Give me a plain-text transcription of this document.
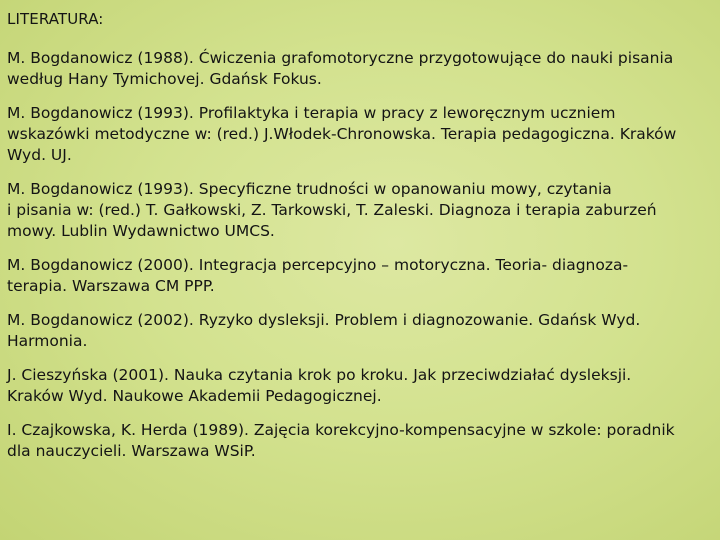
LITERATURA:
M. Bogdanowicz (1988). Ćwiczenia grafomotoryczne przygotowujące do nauki pisania
według Hany Tymichovej. Gdańsk Fokus.
M. Bogdanowicz (1993). Profilaktyka i terapia w pracy z leworęcznym uczniem
wskazówki metodyczne w: (red.) J.Włodek-Chronowska. Terapia pedagogiczna. Kraków
Wyd. UJ.
M. Bogdanowicz (1993). Specyficzne trudności w opanowaniu mowy, czytania
i pisania w: (red.) T. Gałkowski, Z. Tarkowski, T. Zaleski. Diagnoza i terapia zaburzeń
mowy. Lublin Wydawnictwo UMCS.
M. Bogdanowicz (2000). Integracja percepcyjno – motoryczna. Teoria- diagnoza-
terapia. Warszawa CM PPP.
M. Bogdanowicz (2002). Ryzyko dysleksji. Problem i diagnozowanie. Gdańsk Wyd.
Harmonia.
J. Cieszyńska (2001). Nauka czytania krok po kroku. Jak przeciwdziałać dysleksji.
Kraków Wyd. Naukowe Akademii Pedagogicznej.
I. Czajkowska, K. Herda (1989). Zajęcia korekcyjno-kompensacyjne w szkole: poradnik
dla nauczycieli. Warszawa WSiP.
